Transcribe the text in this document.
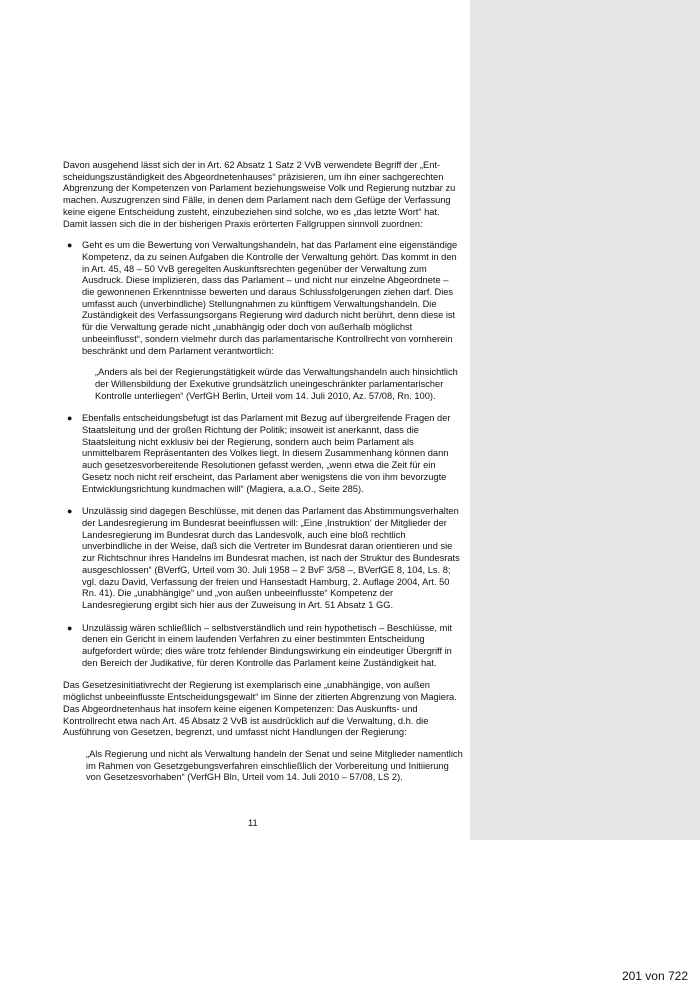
Davon ausgehend lässt sich der in Art. 62 Absatz 1 Satz 2 VvB verwendete Begriff der „Ent-scheidungszuständigkeit des Abgeordnetenhauses“ präzisieren, um ihn einer sachgerechten Abgrenzung der Kompetenzen von Parlament beziehungsweise Volk und Regierung nutzbar zu machen. Auszugrenzen sind Fälle, in denen dem Parlament nach dem Gefüge der Verfassung keine eigene Entscheidung zusteht, einzubeziehen sind solche, wo es „das letzte Wort“ hat. Damit lassen sich die in der bisherigen Praxis erörterten Fallgruppen sinnvoll zuordnen:

● Geht es um die Bewertung von Verwaltungshandeln, hat das Parlament eine eigenständige Kompetenz, da zu seinen Aufgaben die Kontrolle der Verwaltung gehört. Das kommt in den in Art. 45, 48 – 50 VvB geregelten Auskunftsrechten gegenüber der Verwaltung zum Ausdruck. Diese implizieren, dass das Parlament – und nicht nur einzelne Abgeordnete – die gewonnenen Erkenntnisse bewerten und daraus Schlussfolgerungen ziehen darf. Dies umfasst auch (unverbindliche) Stellungnahmen zu künftigem Verwaltungshandeln. Die Zuständigkeit des Verfassungsorgans Regierung wird dadurch nicht berührt, denn diese ist für die Verwaltung gerade nicht „unabhängig oder doch von außerhalb möglichst unbeeinflusst“, sondern vielmehr durch das parlamentarische Kontrollrecht von vornherein beschränkt und dem Parlament verantwortlich:
„Anders als bei der Regierungstätigkeit würde das Verwaltungshandeln auch hinsichtlich der Willensbildung der Exekutive grundsätzlich uneingeschränkter parlamentarischer Kontrolle unterliegen“ (VerfGH Berlin, Urteil vom 14. Juli 2010, Az. 57/08, Rn. 100).
● Ebenfalls entscheidungsbefugt ist das Parlament mit Bezug auf übergreifende Fragen der Staatsleitung und der großen Richtung der Politik; insoweit ist anerkannt, dass die Staatsleitung nicht exklusiv bei der Regierung, sondern auch beim Parlament als unmittelbarem Repräsentanten des Volkes liegt. In diesem Zusammenhang können dann auch gesetzesvorbereitende Resolutionen gefasst werden, „wenn etwa die Zeit für ein Gesetz noch nicht reif erscheint, das Parlament aber wenigstens die von ihm bevorzugte Entwicklungsrichtung kundmachen will“ (Magiera, a.a.O., Seite 285).
● Unzulässig sind dagegen Beschlüsse, mit denen das Parlament das Abstimmungsverhalten der Landesregierung im Bundesrat beeinflussen will: „Eine ‚Instruktion‘ der Mitglieder der Landesregierung im Bundesrat durch das Landesvolk, auch eine bloß rechtlich unverbindliche in der Weise, daß sich die Vertreter im Bundesrat daran orientieren und sie zur Richtschnur ihres Handelns im Bundesrat machen, ist nach der Struktur des Bundesrats ausgeschlossen“ (BVerfG, Urteil vom 30. Juli 1958 – 2 BvF 3/58 –, BVerfGE 8, 104, Ls. 8; vgl. dazu David, Verfassung der freien und Hansestadt Hamburg, 2. Auflage 2004, Art. 50 Rn. 41). Die „unabhängige“ und „von außen unbeeinflusste“ Kompetenz der Landesregierung ergibt sich hier aus der Zuweisung in Art. 51 Absatz 1 GG.
● Unzulässig wären schließlich – selbstverständlich und rein hypothetisch – Beschlüsse, mit denen ein Gericht in einem laufenden Verfahren zu einer bestimmten Entscheidung aufgefordert würde; dies wäre trotz fehlender Bindungswirkung ein eindeutiger Übergriff in den Bereich der Judikative, für deren Kontrolle das Parlament keine Zuständigkeit hat.

Das Gesetzesinitiativrecht der Regierung ist exemplarisch eine „unabhängige, von außen möglichst unbeeinflusste Entscheidungsgewalt“ im Sinne der zitierten Abgrenzung von Magiera. Das Abgeordnetenhaus hat insofern keine eigenen Kompetenzen: Das Auskunfts- und Kontrollrecht etwa nach Art. 45 Absatz 2 VvB ist ausdrücklich auf die Verwaltung, d.h. die Ausführung von Gesetzen, begrenzt, und umfasst nicht Handlungen der Regierung:

„Als Regierung und nicht als Verwaltung handeln der Senat und seine Mitglieder namentlich im Rahmen von Gesetzgebungsverfahren einschließlich der Vorbereitung und Initiierung von Gesetzesvorhaben“ (VerfGH Bln, Urteil vom 14. Juli 2010 – 57/08, LS 2).
11
201 von 722
